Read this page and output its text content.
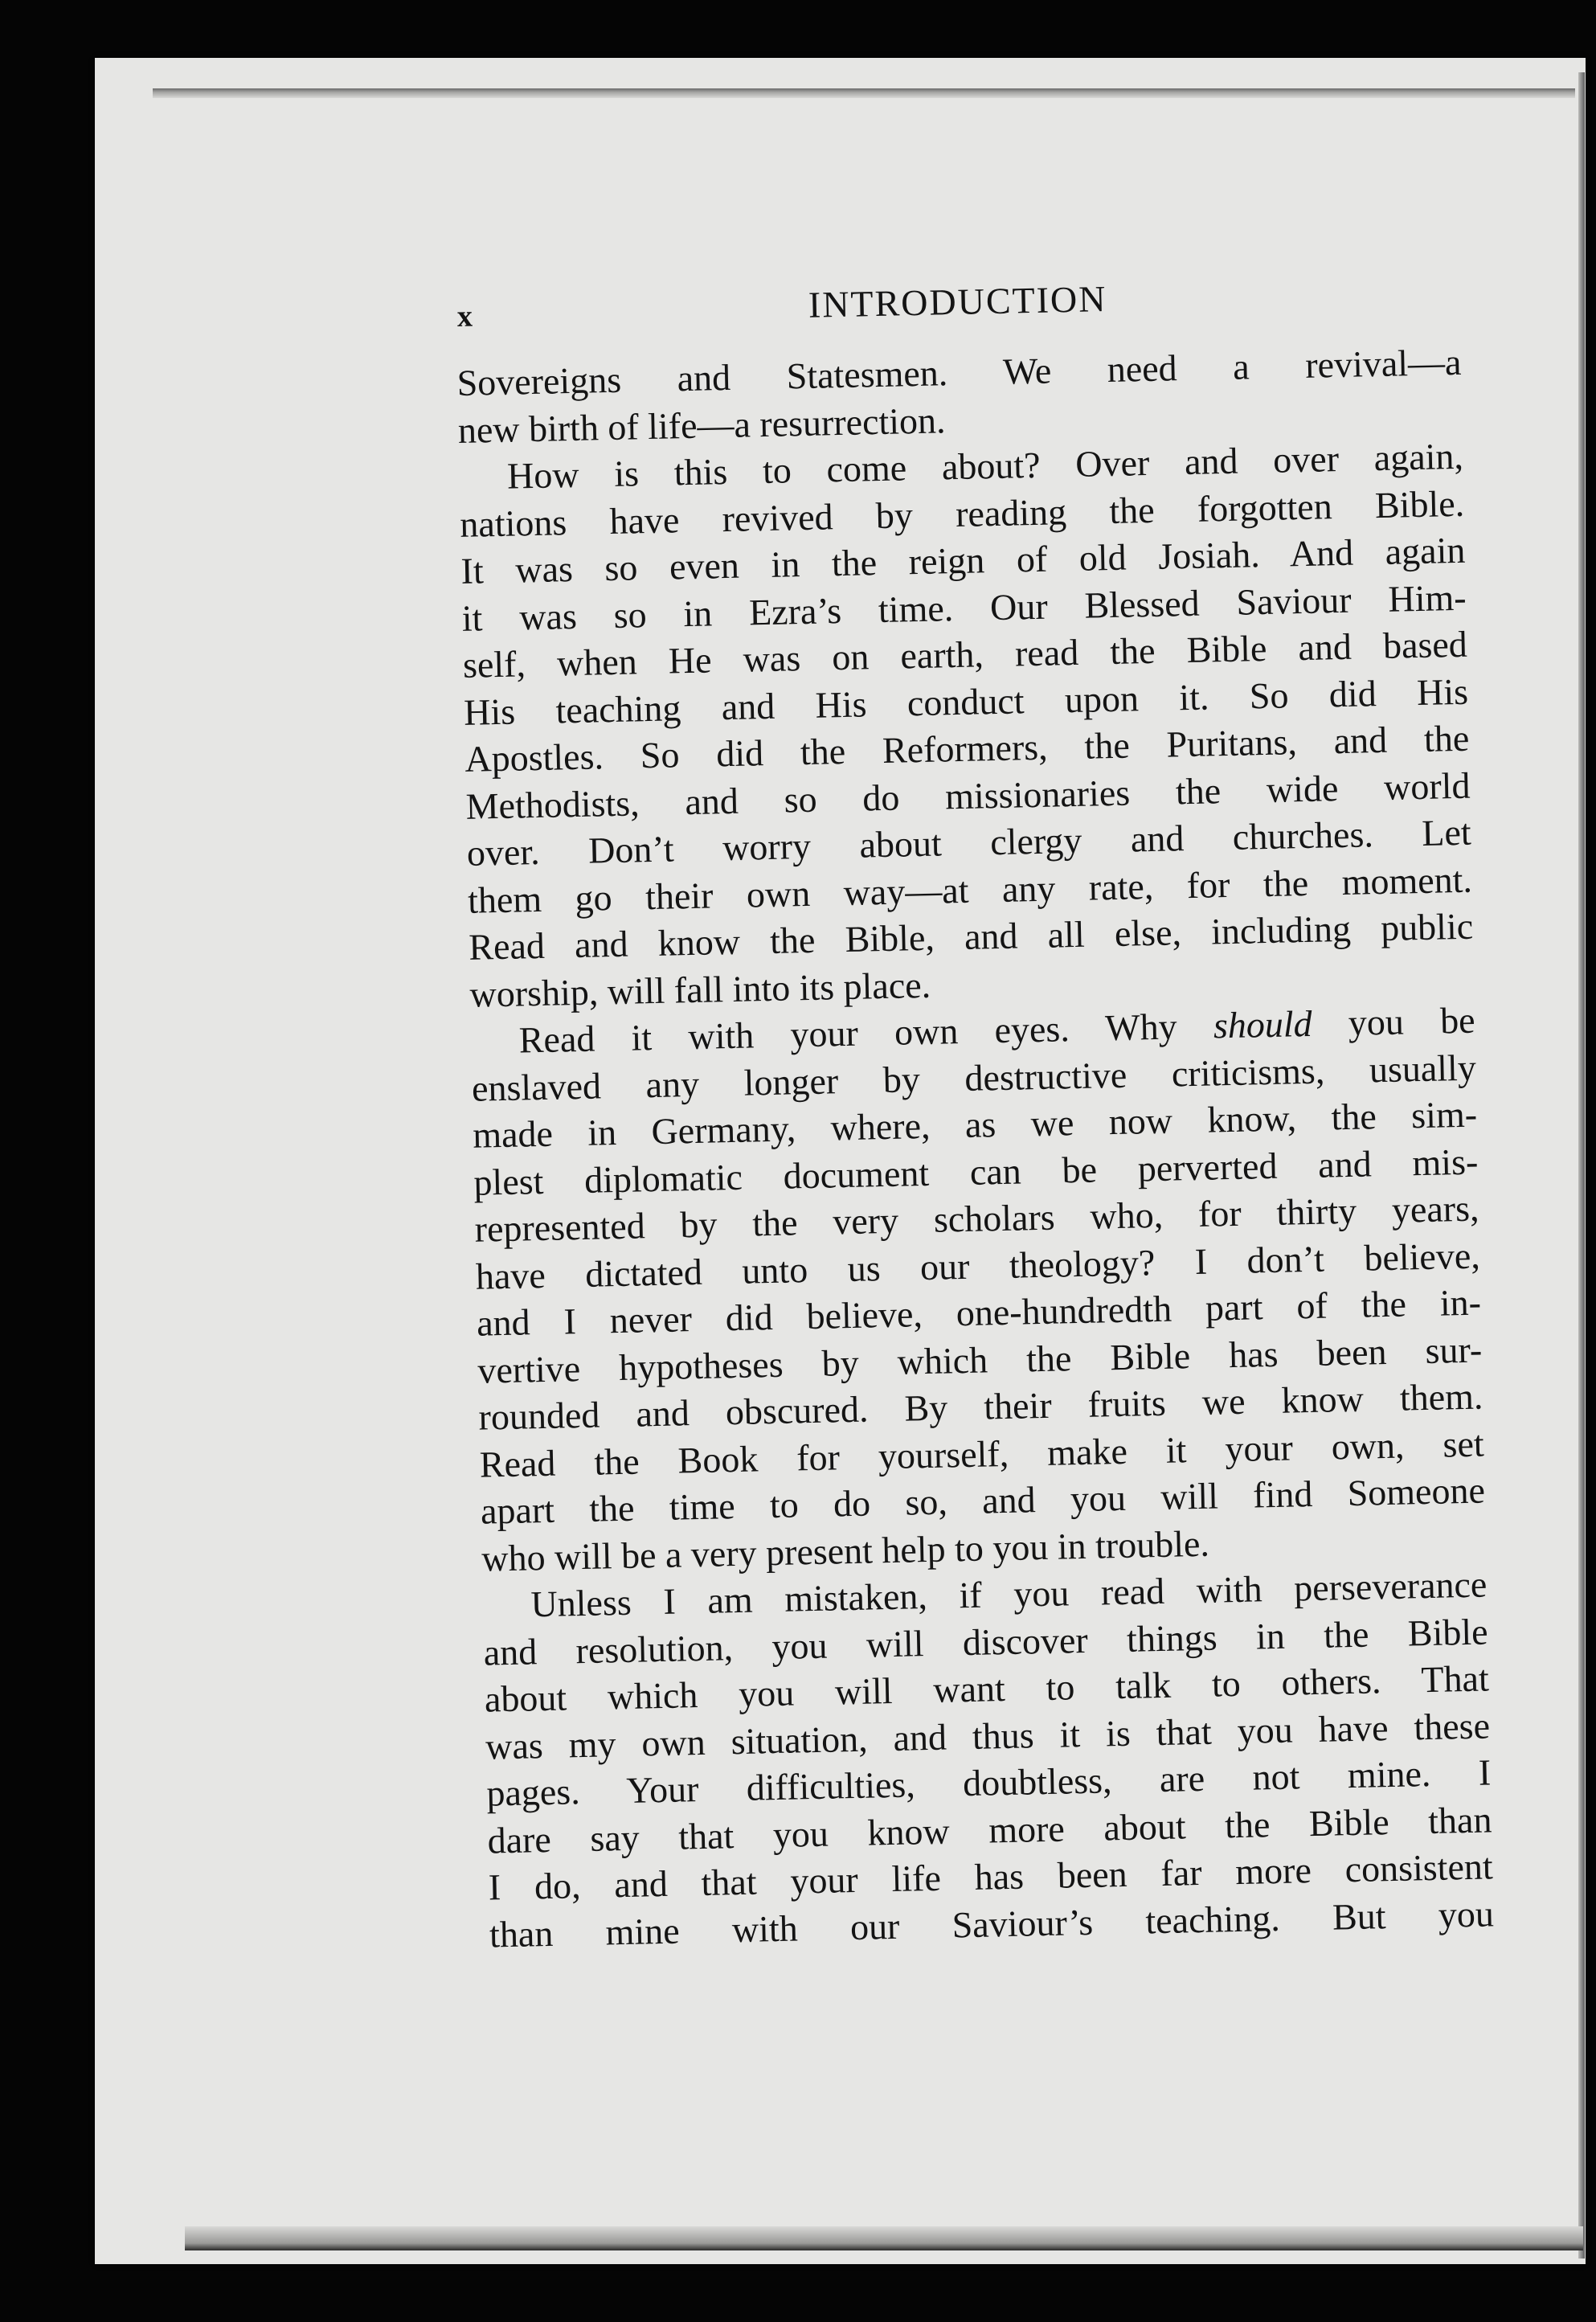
x	INTRODUCTION
Sovereigns and Statesmen. We need a revival—a
new birth of life—a resurrection.
How is this to come about? Over and over again,
nations have revived by reading the forgotten Bible.
It was so even in the reign of old Josiah. And again
it was so in Ezra’s time. Our Blessed Saviour Him-
self, when He was on earth, read the Bible and based
His teaching and His conduct upon it. So did His
Apostles. So did the Reformers, the Puritans, and the
Methodists, and so do missionaries the wide world
over. Don’t worry about clergy and churches. Let
them go their own way—at any rate, for the moment.
Read and know the Bible, and all else, including public
worship, will fall into its place.
Read it with your own eyes. Why should you be
enslaved any longer by destructive criticisms, usually
made in Germany, where, as we now know, the sim-
plest diplomatic document can be perverted and mis-
represented by the very scholars who, for thirty years,
have dictated unto us our theology? I don’t believe,
and I never did believe, one-hundredth part of the in-
vertive hypotheses by which the Bible has been sur-
rounded and obscured. By their fruits we know them.
Read the Book for yourself, make it your own, set
apart the time to do so, and you will find Someone
who will be a very present help to you in trouble.
Unless I am mistaken, if you read with perseverance
and resolution, you will discover things in the Bible
about which you will want to talk to others. That
was my own situation, and thus it is that you have these
pages. Your difficulties, doubtless, are not mine. I
dare say that you know more about the Bible than
I do, and that your life has been far more consistent
than mine with our Saviour’s teaching. But you
